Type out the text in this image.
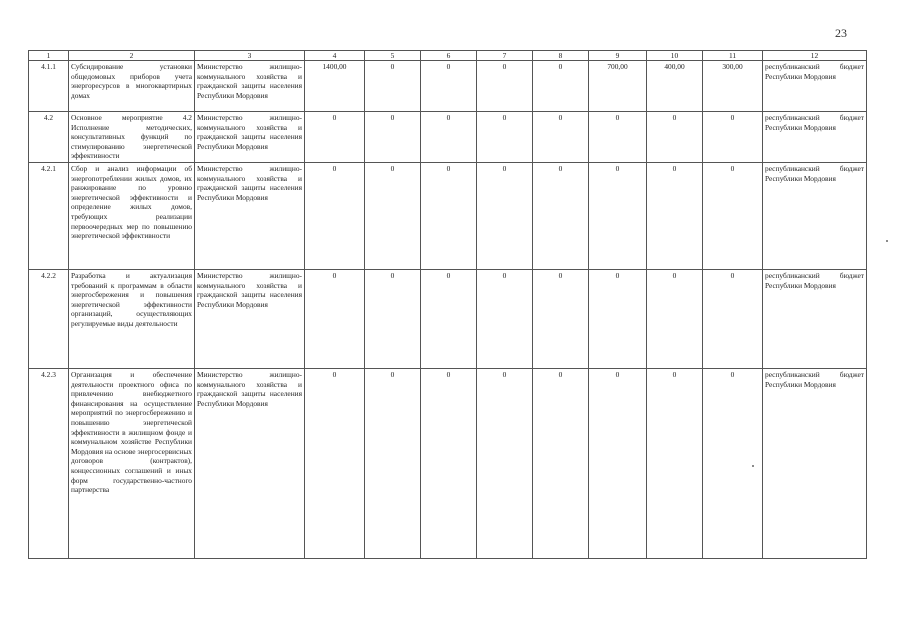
23
1	2	3	4	5	6	7	8	9	10	11	12
4.1.1	Субсидирование установки общедомовых приборов учета энергоресурсов в многоквартирных домах	Министерство жилищно-коммунального хозяйства и гражданской защиты населения Республики Мордовия	1400,00	0	0	0	0	700,00	400,00	300,00	республиканский бюджет Республики Мордовия
4.2	Основное мероприятие 4.2 Исполнение методических, консультативных функций по стимулированию энергетической эффективности	Министерство жилищно-коммунального хозяйства и гражданской защиты населения Республики Мордовия	0	0	0	0	0	0	0	0	республиканский бюджет Республики Мордовия
4.2.1	Сбор и анализ информации об энергопотреблении жилых домов, их ранжирование по уровню энергетической эффективности и определение жилых домов, требующих реализации первоочередных мер по повышению энергетической эффективности	Министерство жилищно-коммунального хозяйства и гражданской защиты населения Республики Мордовия	0	0	0	0	0	0	0	0	республиканский бюджет Республики Мордовия
4.2.2	Разработка и актуализация требований к программам в области энергосбережения и повышения энергетической эффективности организаций, осуществляющих регулируемые виды деятельности	Министерство жилищно-коммунального хозяйства и гражданской защиты населения Республики Мордовия	0	0	0	0	0	0	0	0	республиканский бюджет Республики Мордовия
4.2.3	Организация и обеспечение деятельности проектного офиса по привлечению внебюджетного финансирования на осуществление мероприятий по энергосбережению и повышению энергетической эффективности в жилищном фонде и коммунальном хозяйстве Республики Мордовия на основе энергосервисных договоров (контрактов), концессионных соглашений и иных форм государственно-частного партнерства	Министерство жилищно-коммунального хозяйства и гражданской защиты населения Республики Мордовия	0	0	0	0	0	0	0	0	республиканский бюджет Республики Мордовия
